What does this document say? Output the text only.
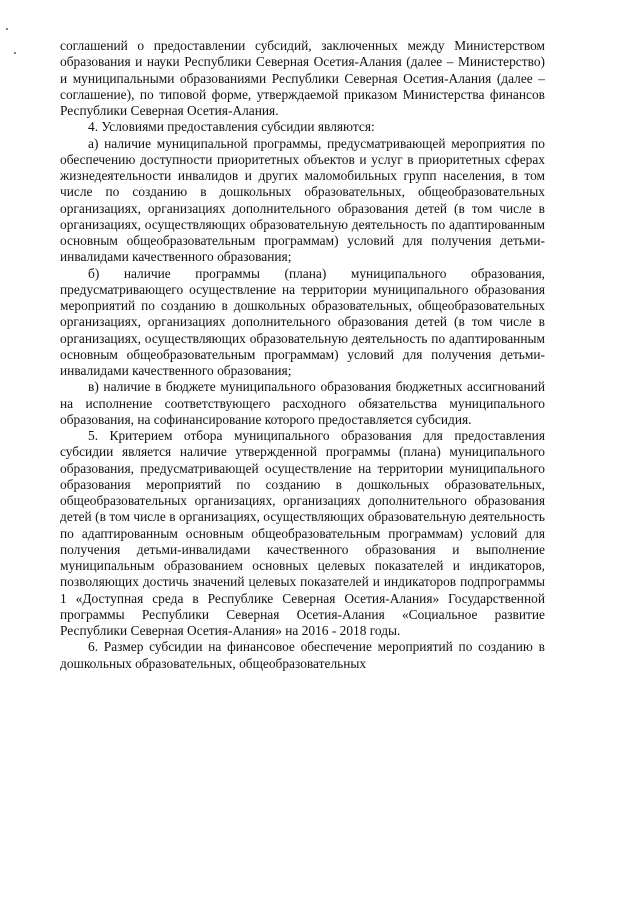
соглашений о предоставлении субсидий, заключенных между Министерством образования и науки Республики Северная Осетия-Алания (далее – Министерство) и муниципальными образованиями Республики Северная Осетия-Алания (далее – соглашение), по типовой форме, утверждаемой приказом Министерства финансов Республики Северная Осетия-Алания.

4. Условиями предоставления субсидии являются:

а) наличие муниципальной программы, предусматривающей мероприятия по обеспечению доступности приоритетных объектов и услуг в приоритетных сферах жизнедеятельности инвалидов и других маломобильных групп населения, в том числе по созданию в дошкольных образовательных, общеобразовательных организациях, организациях дополнительного образования детей (в том числе в организациях, осуществляющих образовательную деятельность по адаптированным основным общеобразовательным программам) условий для получения детьми-инвалидами качественного образования;

б) наличие программы (плана) муниципального образования, предусматривающего осуществление на территории муниципального образования мероприятий по созданию в дошкольных образовательных, общеобразовательных организациях, организациях дополнительного образования детей (в том числе в организациях, осуществляющих образовательную деятельность по адаптированным основным общеобразовательным программам) условий для получения детьми-инвалидами качественного образования;

в) наличие в бюджете муниципального образования бюджетных ассигнований на исполнение соответствующего расходного обязательства муниципального образования, на софинансирование которого предоставляется субсидия.

5. Критерием отбора муниципального образования для предоставления субсидии является наличие утвержденной программы (плана) муниципального образования, предусматривающей осуществление на территории муниципального образования мероприятий по созданию в дошкольных образовательных, общеобразовательных организациях, организациях дополнительного образования детей (в том числе в организациях, осуществляющих образовательную деятельность по адаптированным основным общеобразовательным программам) условий для получения детьми-инвалидами качественного образования и выполнение муниципальным образованием основных целевых показателей и индикаторов, позволяющих достичь значений целевых показателей и индикаторов подпрограммы 1 «Доступная среда в Республике Северная Осетия-Алания» Государственной программы Республики Северная Осетия-Алания «Социальное развитие Республики Северная Осетия-Алания» на 2016 - 2018 годы.

6. Размер субсидии на финансовое обеспечение мероприятий по созданию в дошкольных образовательных, общеобразовательных
